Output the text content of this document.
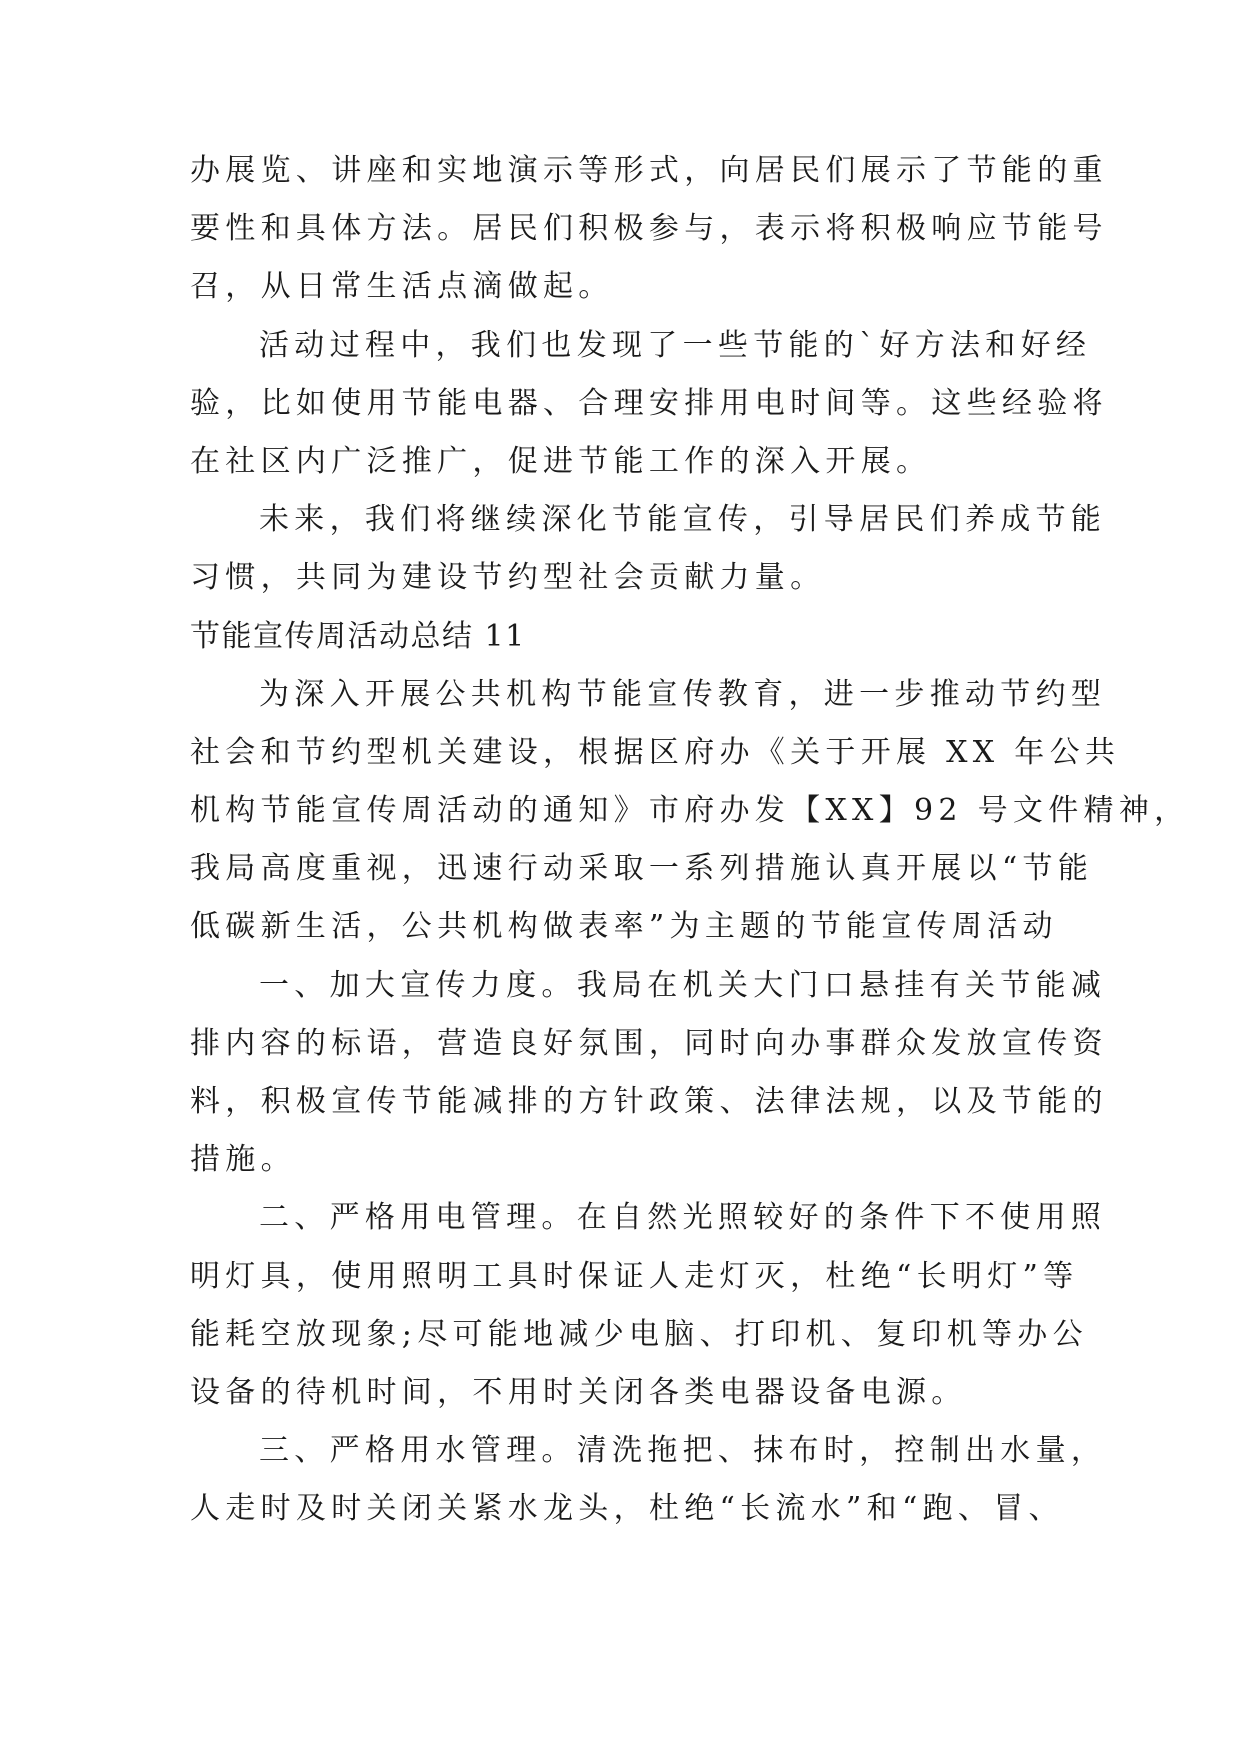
办展览、讲座和实地演示等形式，向居民们展示了节能的重
要性和具体方法。居民们积极参与，表示将积极响应节能号
召，从日常生活点滴做起。
活动过程中，我们也发现了一些节能的`好方法和好经
验，比如使用节能电器、合理安排用电时间等。这些经验将
在社区内广泛推广，促进节能工作的深入开展。
未来，我们将继续深化节能宣传，引导居民们养成节能
习惯，共同为建设节约型社会贡献力量。
节能宣传周活动总结 11
为深入开展公共机构节能宣传教育，进一步推动节约型
社会和节约型机关建设，根据区府办《关于开展 XX 年公共
机构节能宣传周活动的通知》市府办发【XX】92 号文件精神，
我局高度重视，迅速行动采取一系列措施认真开展以“节能
低碳新生活，公共机构做表率”为主题的节能宣传周活动
一、加大宣传力度。我局在机关大门口悬挂有关节能减
排内容的标语，营造良好氛围，同时向办事群众发放宣传资
料，积极宣传节能减排的方针政策、法律法规，以及节能的
措施。
二、严格用电管理。在自然光照较好的条件下不使用照
明灯具，使用照明工具时保证人走灯灭，杜绝“长明灯”等
能耗空放现象;尽可能地减少电脑、打印机、复印机等办公
设备的待机时间，不用时关闭各类电器设备电源。
三、严格用水管理。清洗拖把、抹布时，控制出水量，
人走时及时关闭关紧水龙头，杜绝“长流水”和“跑、冒、
